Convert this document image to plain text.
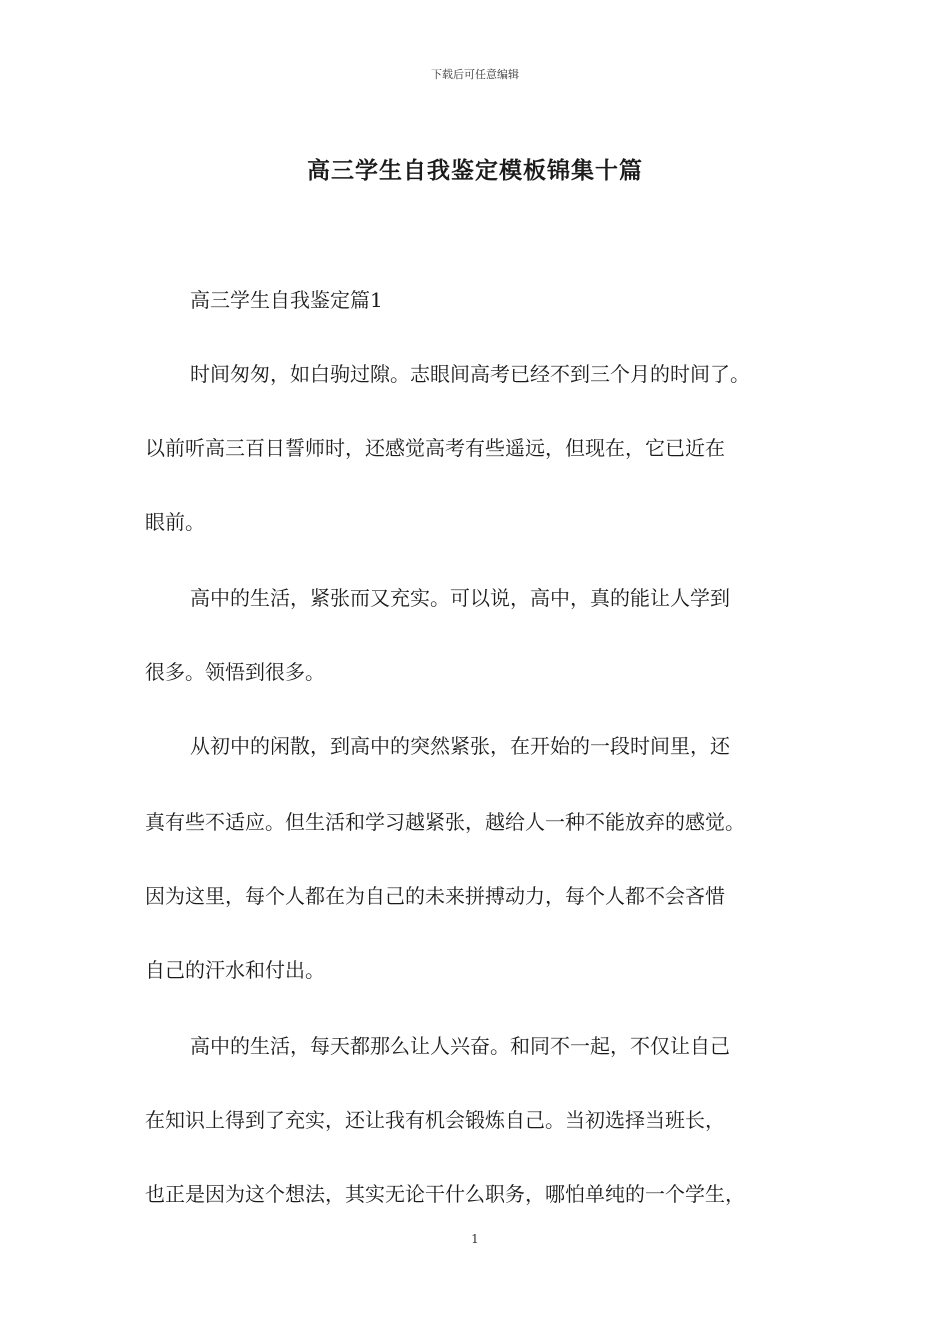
下载后可任意编辑
高三学生自我鉴定模板锦集十篇
高三学生自我鉴定篇1
时间匆匆，如白驹过隙。志眼间高考已经不到三个月的时间了。
以前听高三百日誓师时，还感觉高考有些遥远，但现在，它已近在
眼前。
高中的生活，紧张而又充实。可以说，高中，真的能让人学到
很多。领悟到很多。
从初中的闲散，到高中的突然紧张，在开始的一段时间里，还
真有些不适应。但生活和学习越紧张，越给人一种不能放弃的感觉。
因为这里，每个人都在为自己的未来拼搏动力，每个人都不会吝惜
自己的汗水和付出。
高中的生活，每天都那么让人兴奋。和同不一起，不仅让自己
在知识上得到了充实，还让我有机会锻炼自己。当初选择当班长，
也正是因为这个想法，其实无论干什么职务，哪怕单纯的一个学生，
1
